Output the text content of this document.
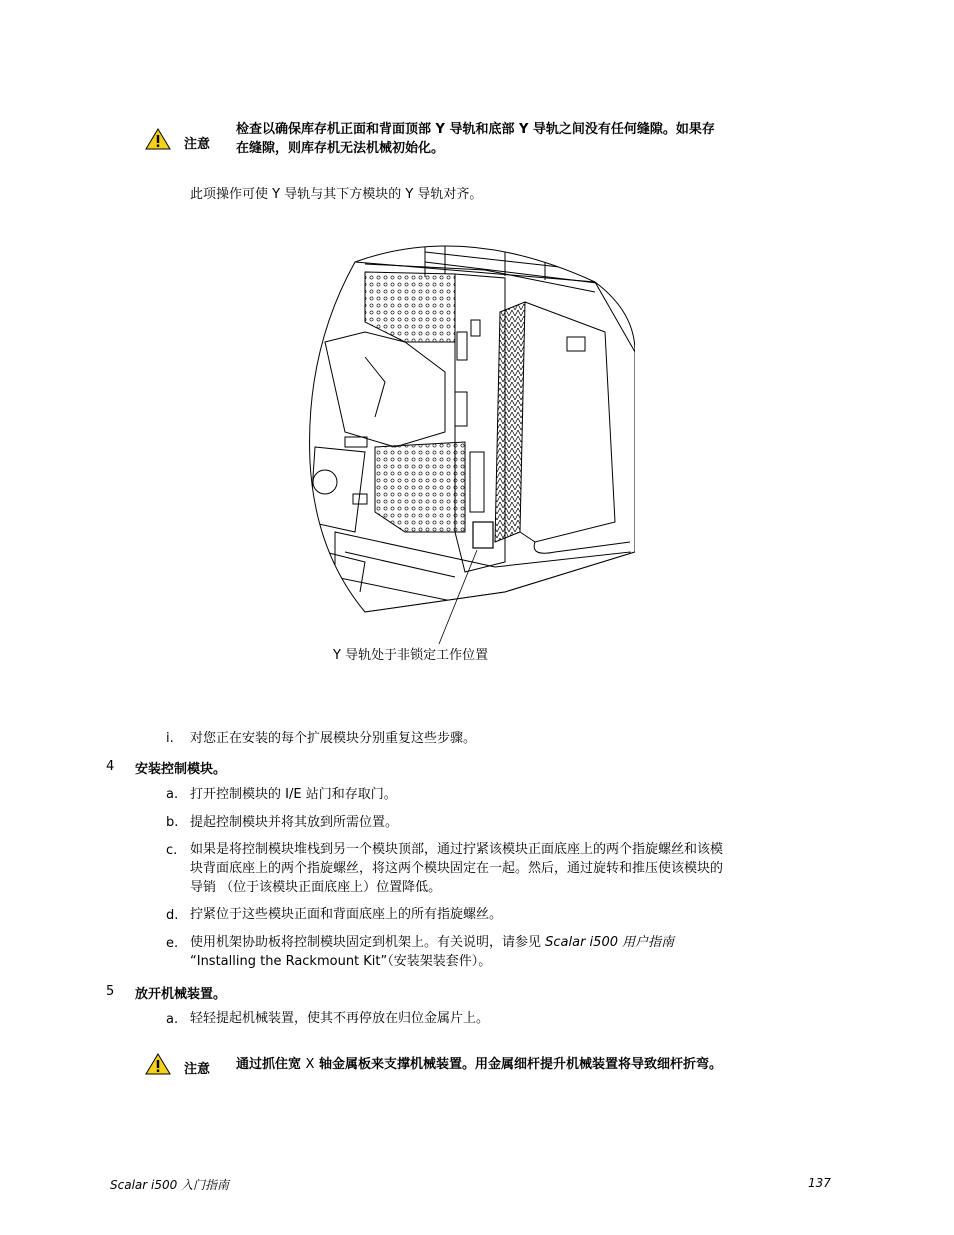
注意
检查以确保库存机正面和背面顶部 Y 导轨和底部 Y 导轨之间没有任何缝隙。如果存
在缝隙，则库存机无法机械初始化。
此项操作可使 Y 导轨与其下方模块的 Y 导轨对齐。
Y 导轨处于非锁定工作位置
i. 对您正在安装的每个扩展模块分别重复这些步骤。
4 安装控制模块。
a. 打开控制模块的 I/E 站门和存取门。
b. 提起控制模块并将其放到所需位置。
c. 如果是将控制模块堆栈到另一个模块顶部，通过拧紧该模块正面底座上的两个指旋螺丝和该模
块背面底座上的两个指旋螺丝，将这两个模块固定在一起。然后，通过旋转和推压使该模块的
导销 （位于该模块正面底座上）位置降低。
d. 拧紧位于这些模块正面和背面底座上的所有指旋螺丝。
e. 使用机架协助板将控制模块固定到机架上。有关说明，请参见 Scalar i500 用户指南
“Installing the Rackmount Kit”（安装架装套件）。
5 放开机械装置。
a. 轻轻提起机械装置，使其不再停放在归位金属片上。
注意 通过抓住宽 X 轴金属板来支撑机械装置。用金属细杆提升机械装置将导致细杆折弯。
Scalar i500 入门指南	137
